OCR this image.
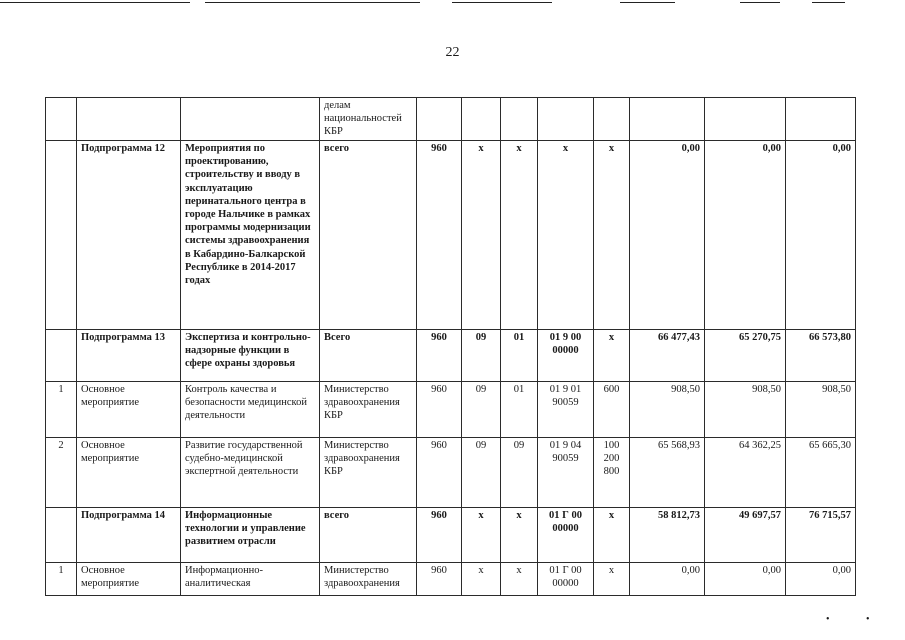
22
			делам национальностей КБР								
	Подпрограмма 12	Мероприятия по проектированию, строительству и вводу в эксплуатацию перинатального центра в городе Нальчике в рамках программы модернизации системы здравоохранения в Кабардино-Балкарской Республике в 2014-2017 годах	всего	960	х	х	х	х	0,00	0,00	0,00
	Подпрограмма 13	Экспертиза и контрольно-надзорные функции в сфере охраны здоровья	Всего	960	09	01	01 9 00 00000	х	66 477,43	65 270,75	66 573,80
1	Основное мероприятие	Контроль качества и безопасности медицинской деятельности	Министерство здравоохранения КБР	960	09	01	01 9 01 90059	600	908,50	908,50	908,50
2	Основное мероприятие	Развитие государственной судебно-медицинской экспертной деятельности	Министерство здравоохранения КБР	960	09	09	01 9 04 90059	100 200 800	65 568,93	64 362,25	65 665,30
	Подпрограмма 14	Информационные технологии и управление развитием отрасли	всего	960	х	х	01 Г 00 00000	х	58 812,73	49 697,57	76 715,57
1	Основное мероприятие	Информационно-аналитическая	Министерство здравоохранения	960	х	х	01 Г 00 00000	х	0,00	0,00	0,00
•	•
